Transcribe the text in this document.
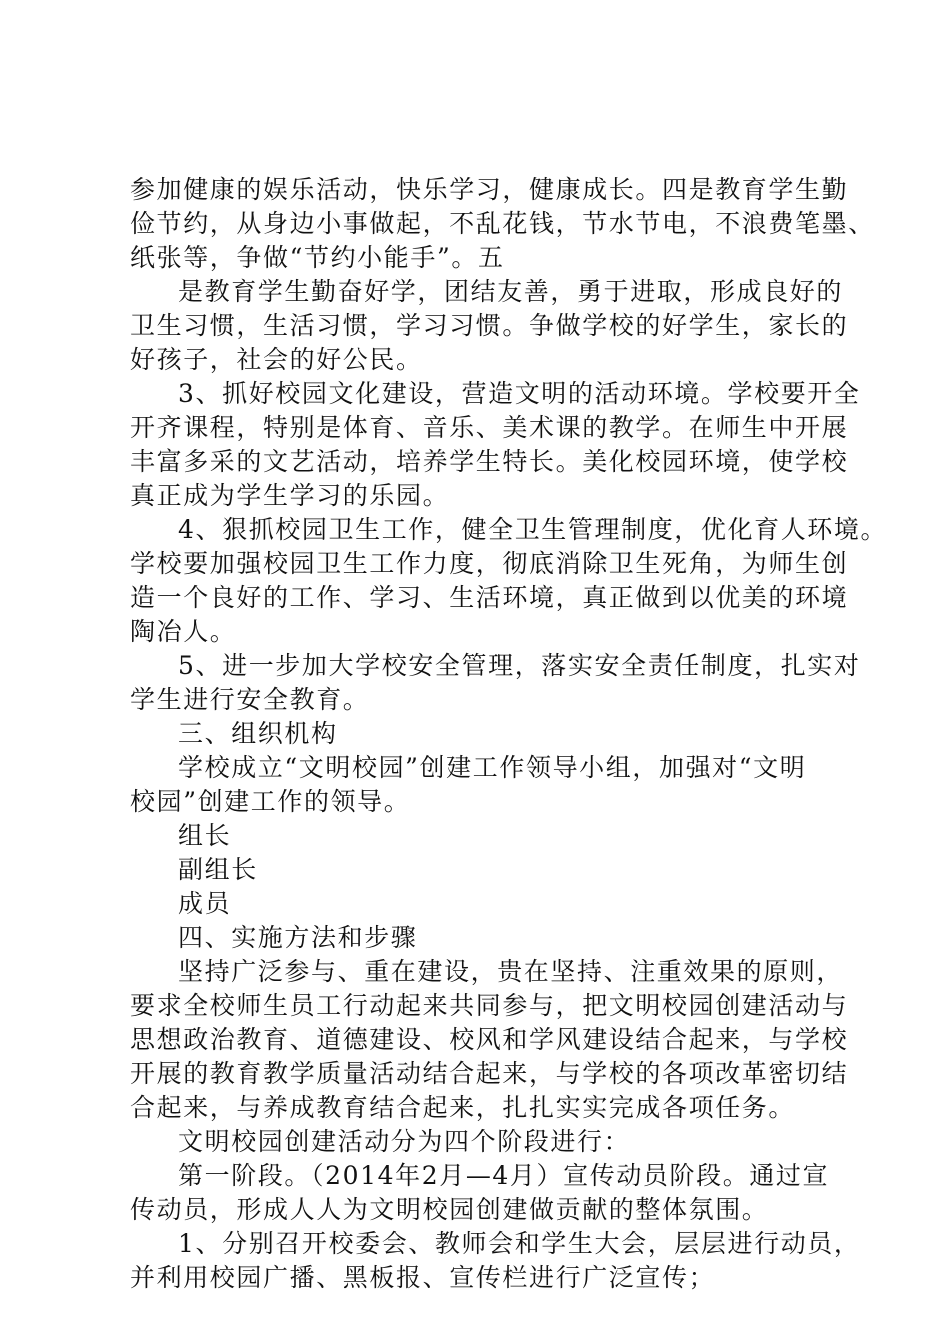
参加健康的娱乐活动，快乐学习，健康成长。四是教育学生勤
俭节约，从身边小事做起，不乱花钱，节水节电，不浪费笔墨、
纸张等，争做“节约小能手”。五
是教育学生勤奋好学，团结友善，勇于进取，形成良好的
卫生习惯，生活习惯，学习习惯。争做学校的好学生，家长的
好孩子，社会的好公民。
3、抓好校园文化建设，营造文明的活动环境。学校要开全
开齐课程，特别是体育、音乐、美术课的教学。在师生中开展
丰富多采的文艺活动，培养学生特长。美化校园环境，使学校
真正成为学生学习的乐园。
4、狠抓校园卫生工作，健全卫生管理制度，优化育人环境。
学校要加强校园卫生工作力度，彻底消除卫生死角，为师生创
造一个良好的工作、学习、生活环境，真正做到以优美的环境
陶冶人。
5、进一步加大学校安全管理，落实安全责任制度，扎实对
学生进行安全教育。
三、组织机构
学校成立“文明校园”创建工作领导小组，加强对“文明
校园”创建工作的领导。
组长
副组长
成员
四、实施方法和步骤
坚持广泛参与、重在建设，贵在坚持、注重效果的原则，
要求全校师生员工行动起来共同参与，把文明校园创建活动与
思想政治教育、道德建设、校风和学风建设结合起来，与学校
开展的教育教学质量活动结合起来，与学校的各项改革密切结
合起来，与养成教育结合起来，扎扎实实完成各项任务。
文明校园创建活动分为四个阶段进行：
第一阶段。（2014年2月—4月）宣传动员阶段。通过宣
传动员，形成人人为文明校园创建做贡献的整体氛围。
1、分别召开校委会、教师会和学生大会，层层进行动员，
并利用校园广播、黑板报、宣传栏进行广泛宣传；
